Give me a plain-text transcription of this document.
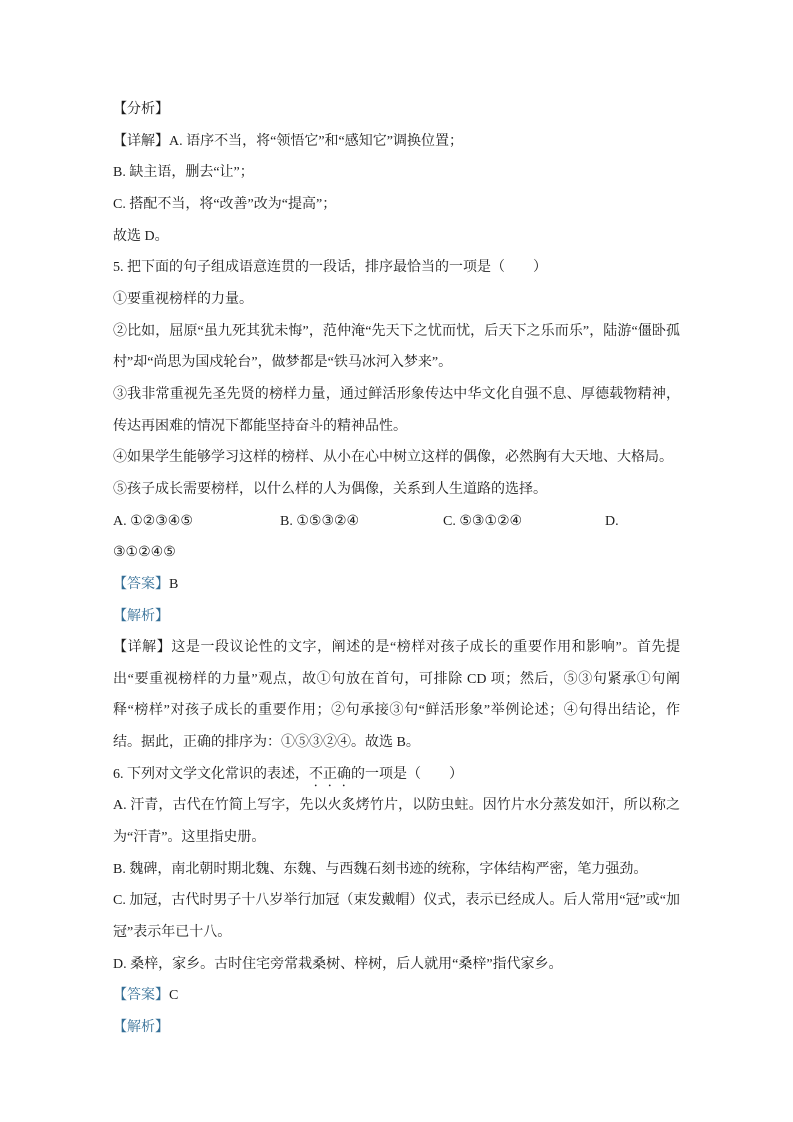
【分析】

【详解】A. 语序不当，将“领悟它”和“感知它”调换位置；

B. 缺主语，删去“让”；

C. 搭配不当，将“改善”改为“提高”；

故选 D。

5. 把下面的句子组成语意连贯的一段话，排序最恰当的一项是（　　）

①要重视榜样的力量。

②比如，屈原“虽九死其犹未悔”，范仲淹“先天下之忧而忧，后天下之乐而乐”，陆游“僵卧孤村”却“尚思为国戍轮台”，做梦都是“铁马冰河入梦来”。

③我非常重视先圣先贤的榜样力量，通过鲜活形象传达中华文化自强不息、厚德载物精神，传达再困难的情况下都能坚持奋斗的精神品性。

④如果学生能够学习这样的榜样、从小在心中树立这样的偶像，必然胸有大天地、大格局。

⑤孩子成长需要榜样，以什么样的人为偶像，关系到人生道路的选择。

A. ①②③④⑤	B. ①⑤③②④	C. ⑤③①②④	D.

③①②④⑤

【答案】B

【解析】

【详解】这是一段议论性的文字，阐述的是“榜样对孩子成长的重要作用和影响”。首先提出“要重视榜样的力量”观点，故①句放在首句，可排除 CD 项；然后，⑤③句紧承①句阐释“榜样”对孩子成长的重要作用；②句承接③句“鲜活形象”举例论述；④句得出结论，作结。据此，正确的排序为：①⑤③②④。故选 B。

6. 下列对文学文化常识的表述，不正确的一项是（　　）

A. 汗青，古代在竹简上写字，先以火炙烤竹片，以防虫蛀。因竹片水分蒸发如汗，所以称之为“汗青”。这里指史册。

B. 魏碑，南北朝时期北魏、东魏、与西魏石刻书迹的统称，字体结构严密，笔力强劲。

C. 加冠，古代时男子十八岁举行加冠（束发戴帽）仪式，表示已经成人。后人常用“冠”或“加冠”表示年已十八。

D. 桑梓，家乡。古时住宅旁常栽桑树、梓树，后人就用“桑梓”指代家乡。

【答案】C

【解析】
